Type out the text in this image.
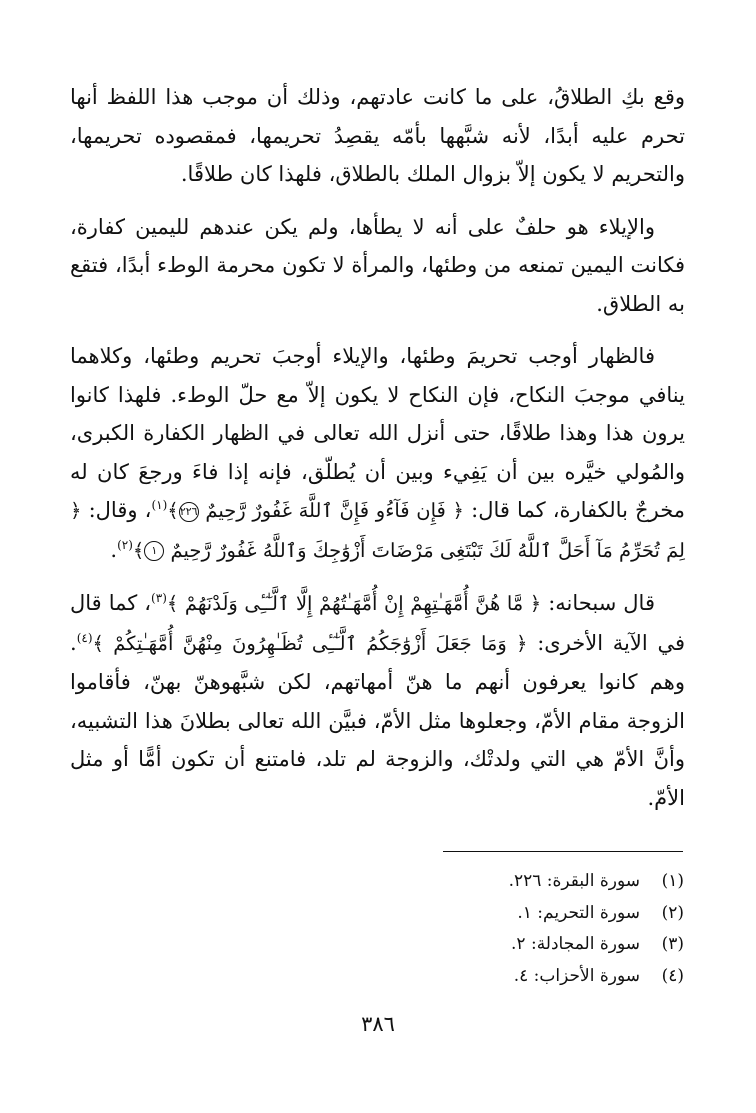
وقع بكِ الطلاقُ، على ما كانت عادتهم، وذلك أن موجب هذا اللفظ أنها تحرم عليه أبدًا، لأنه شبَّهها بأمّه يقصِدُ تحريمها، فمقصوده تحريمها، والتحريم لا يكون إلاّ بزوال الملك بالطلاق، فلهذا كان طلاقًا.

والإيلاء هو حلفٌ على أنه لا يطأها، ولم يكن عندهم لليمين كفارة، فكانت اليمين تمنعه من وطئها، والمرأة لا تكون محرمة الوطء أبدًا، فتقع به الطلاق.

فالظهار أوجب تحريمَ وطئها، والإيلاء أوجبَ تحريم وطئها، وكلاهما ينافي موجبَ النكاح، فإن النكاح لا يكون إلاّ مع حلّ الوطء. فلهذا كانوا يرون هذا وهذا طلاقًا، حتى أنزل الله تعالى في الظهار الكفارة الكبرى، والمُولي خيَّره بين أن يَفِيء وبين أن يُطلّق، فإنه إذا فاءَ ورجعَ كان له مخرجٌ بالكفارة، كما قال: ﴿ فَإِن فَآءُو فَإِنَّ ٱللَّهَ غَفُورٌ رَّحِيمٌ ٢٢٦﴾$^{(١)}$، وقال: ﴿ لِمَ تُحَرِّمُ مَآ أَحَلَّ ٱللَّهُ لَكَ تَبْتَغِى مَرْضَاتَ أَزْوَٰجِكَ وَٱللَّهُ غَفُورٌ رَّحِيمٌ ١﴾$^{(٢)}$.

قال سبحانه: ﴿ مَّا هُنَّ أُمَّهَـٰتِهِمْ إِنْ أُمَّهَـٰتُهُمْ إِلَّا ٱلَّـٰٓـِٔى وَلَدْنَهُمْ ﴾$^{(٣)}$، كما قال في الآية الأخرى: ﴿ وَمَا جَعَلَ أَزْوَٰجَكُمُ ٱلَّـٰٓـِٔى تُظَـٰهِرُونَ مِنْهُنَّ أُمَّهَـٰتِكُمْ ﴾$^{(٤)}$. وهم كانوا يعرفون أنهم ما هنّ أمهاتهم، لكن شبَّهوهنّ بهنّ، فأقاموا الزوجة مقام الأمّ، وجعلوها مثل الأمّ، فبيَّن الله تعالى بطلانَ هذا التشبيه، وأنَّ الأمّ هي التي ولدتْك، والزوجة لم تلد، فامتنع أن تكون أمًّا أو مثل الأمّ.

(١)
سورة البقرة: ٢٢٦.
(٢)
سورة التحريم: ١.
(٣)
سورة المجادلة: ٢.
(٤)
سورة الأحزاب: ٤.
٣٨٦
